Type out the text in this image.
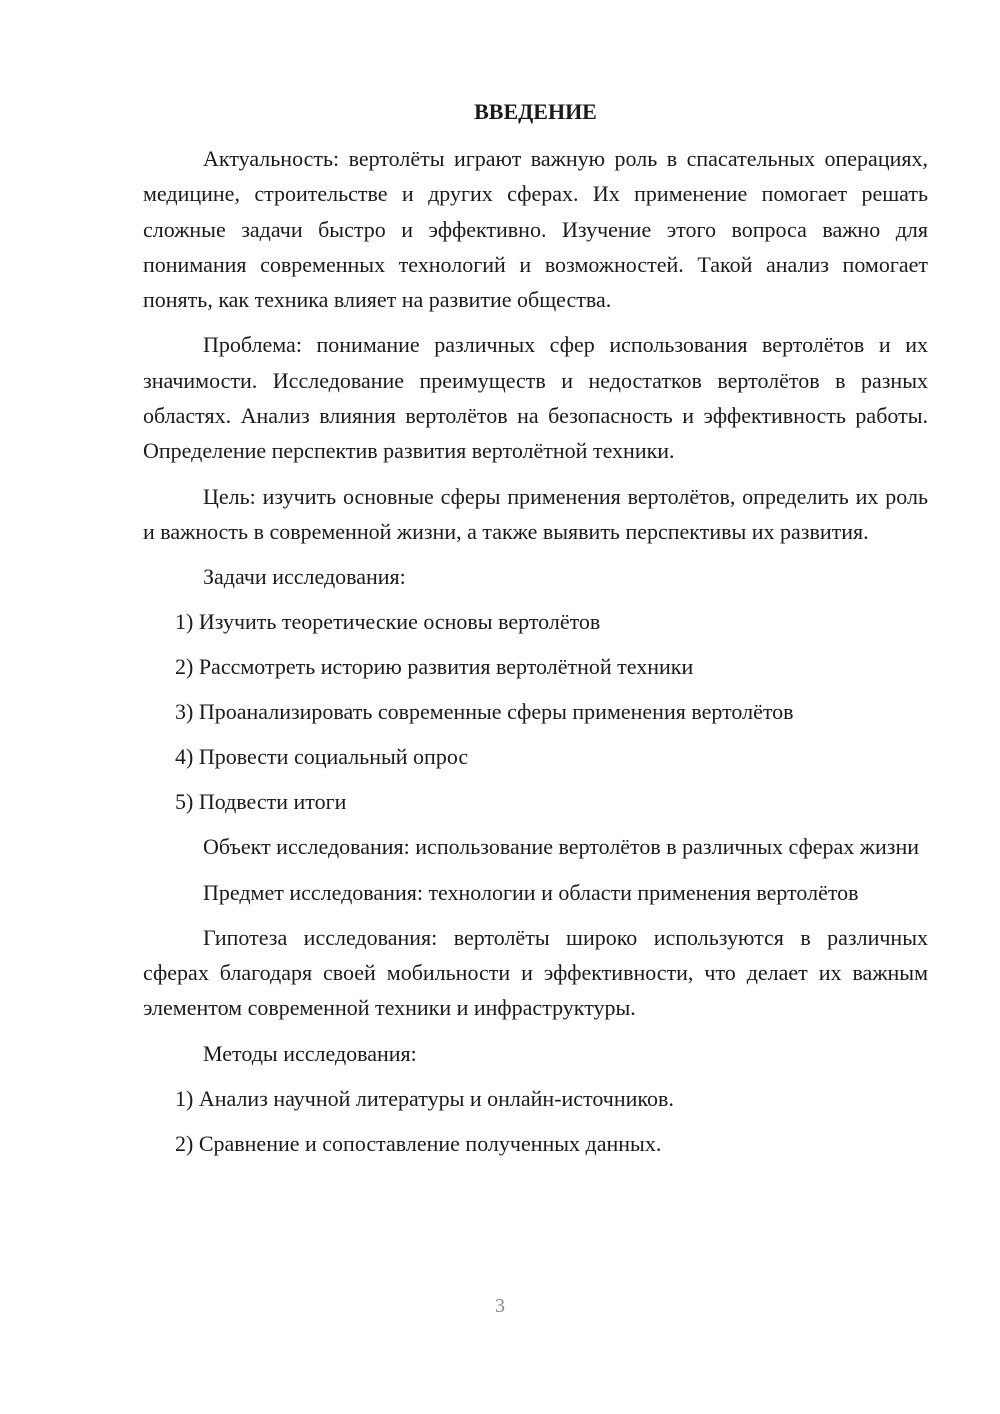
ВВЕДЕНИЕ

Актуальность: вертолёты играют важную роль в спасательных операциях, медицине, строительстве и других сферах. Их применение помогает решать сложные задачи быстро и эффективно. Изучение этого вопроса важно для понимания современных технологий и возможностей. Такой анализ помогает понять, как техника влияет на развитие общества.

Проблема: понимание различных сфер использования вертолётов и их значимости. Исследование преимуществ и недостатков вертолётов в разных областях. Анализ влияния вертолётов на безопасность и эффективность работы. Определение перспектив развития вертолётной техники.

Цель: изучить основные сферы применения вертолётов, определить их роль и важность в современной жизни, а также выявить перспективы их развития.

Задачи исследования:

1) Изучить теоретические основы вертолётов

2) Рассмотреть историю развития вертолётной техники

3) Проанализировать современные сферы применения вертолётов

4) Провести социальный опрос

5) Подвести итоги

Объект исследования: использование вертолётов в различных сферах жизни

Предмет исследования: технологии и области применения вертолётов

Гипотеза исследования: вертолёты широко используются в различных сферах благодаря своей мобильности и эффективности, что делает их важным элементом современной техники и инфраструктуры.

Методы исследования:

1) Анализ научной литературы и онлайн-источников.

2) Сравнение и сопоставление полученных данных.

3
